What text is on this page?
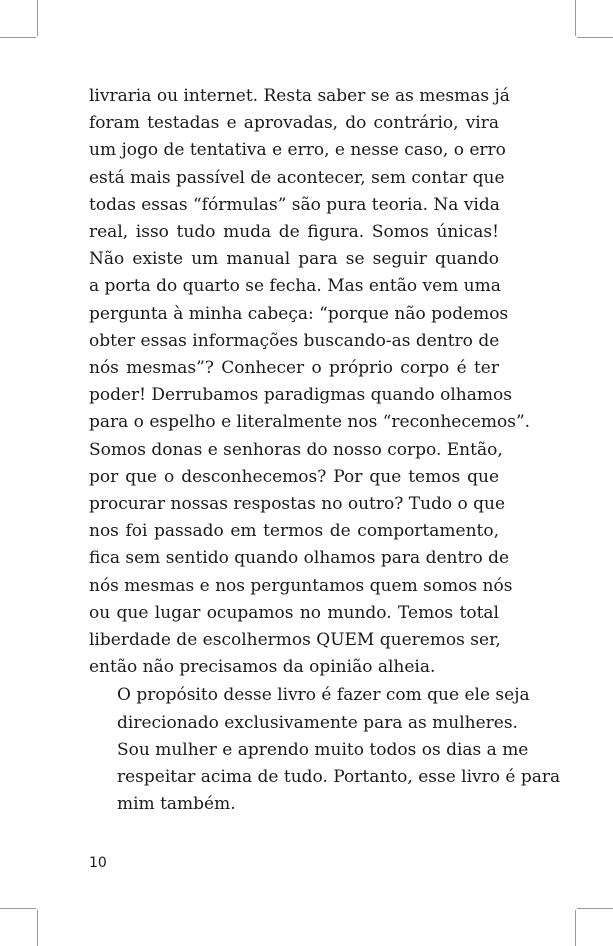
livraria ou internet. Resta saber se as mesmas já
foram testadas e aprovadas, do contrário, vira
um jogo de tentativa e erro, e nesse caso, o erro
está mais passível de acontecer, sem contar que
todas essas “fórmulas” são pura teoria. Na vida
real, isso tudo muda de figura. Somos únicas!
Não existe um manual para se seguir quando
a porta do quarto se fecha. Mas então vem uma
pergunta à minha cabeça: “porque não podemos
obter essas informações buscando-as dentro de
nós mesmas”? Conhecer o próprio corpo é ter
poder! Derrubamos paradigmas quando olhamos
para o espelho e literalmente nos “reconhecemos”.
Somos donas e senhoras do nosso corpo. Então,
por que o desconhecemos? Por que temos que
procurar nossas respostas no outro? Tudo o que
nos foi passado em termos de comportamento,
fica sem sentido quando olhamos para dentro de
nós mesmas e nos perguntamos quem somos nós
ou que lugar ocupamos no mundo. Temos total
liberdade de escolhermos QUEM queremos ser,
então não precisamos da opinião alheia.

O propósito desse livro é fazer com que ele seja
direcionado exclusivamente para as mulheres.
Sou mulher e aprendo muito todos os dias a me
respeitar acima de tudo. Portanto, esse livro é para
mim também.

10
